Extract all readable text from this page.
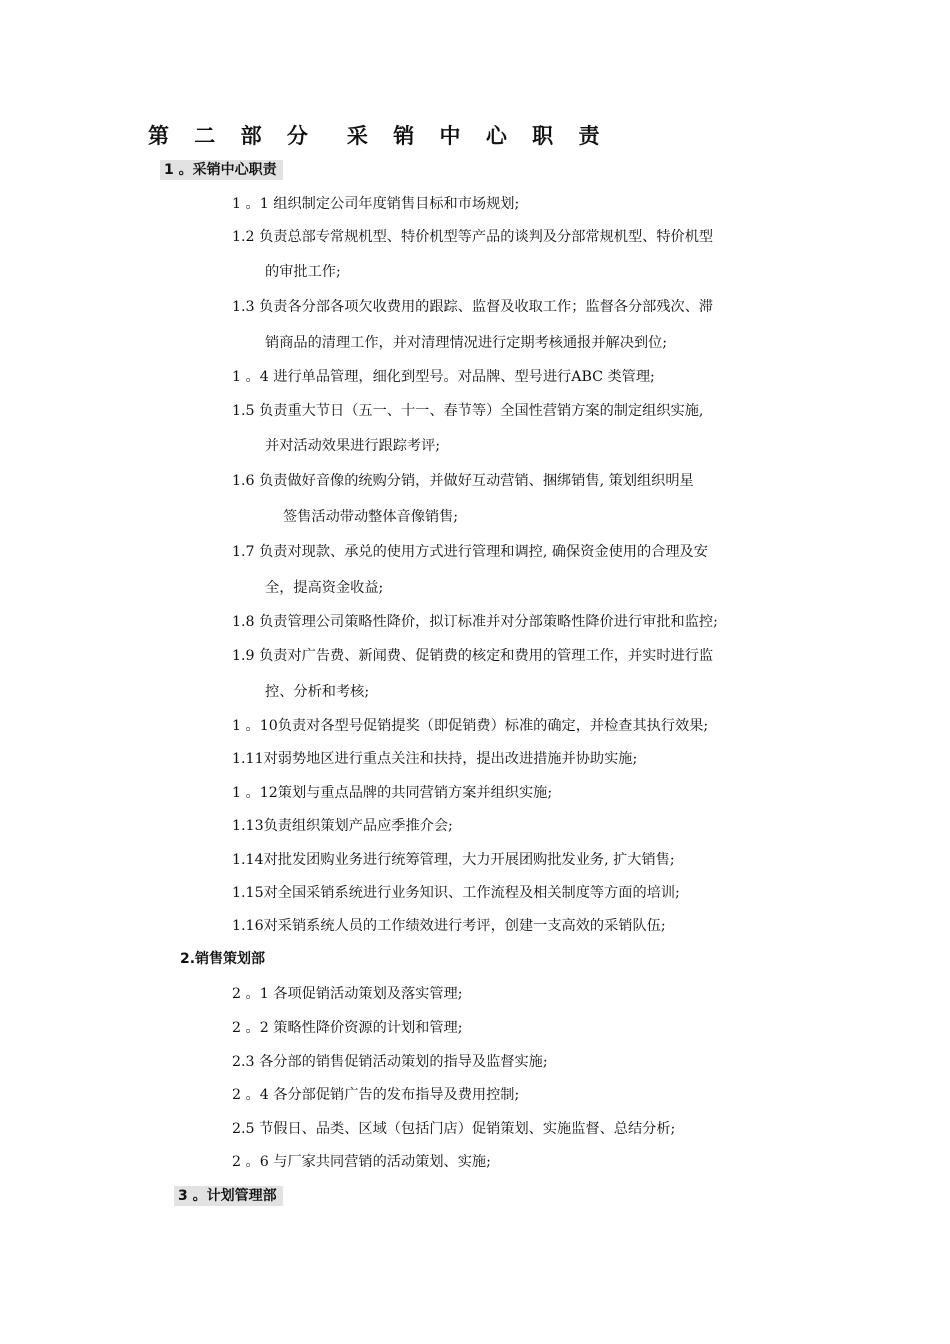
第 二 部 分　采 销 中 心 职 责
1 。采销中心职责
1 。1 组织制定公司年度销售目标和市场规划;
1.2 负责总部专常规机型、特价机型等产品的谈判及分部常规机型、特价机型
的审批工作;
1.3 负责各分部各项欠收费用的跟踪、监督及收取工作；监督各分部残次、滞
销商品的清理工作，并对清理情况进行定期考核通报并解决到位;
1 。4 进行单品管理，细化到型号。对品牌、型号进行ABC 类管理;
1.5 负责重大节日（五一、十一、春节等）全国性营销方案的制定组织实施,
并对活动效果进行跟踪考评;
1.6 负责做好音像的统购分销，并做好互动营销、捆绑销售, 策划组织明星
签售活动带动整体音像销售;
1.7 负责对现款、承兑的使用方式进行管理和调控, 确保资金使用的合理及安
全，提高资金收益;
1.8 负责管理公司策略性降价，拟订标准并对分部策略性降价进行审批和监控;
1.9 负责对广告费、新闻费、促销费的核定和费用的管理工作，并实时进行监
控、分析和考核;
1 。10负责对各型号促销提奖（即促销费）标准的确定，并检查其执行效果;
1.11对弱势地区进行重点关注和扶持，提出改进措施并协助实施;
1 。12策划与重点品牌的共同营销方案并组织实施;
1.13负责组织策划产品应季推介会;
1.14对批发团购业务进行统筹管理，大力开展团购批发业务, 扩大销售;
1.15对全国采销系统进行业务知识、工作流程及相关制度等方面的培训;
1.16对采销系统人员的工作绩效进行考评，创建一支高效的采销队伍;
2.销售策划部
2 。1 各项促销活动策划及落实管理;
2 。2 策略性降价资源的计划和管理;
2.3 各分部的销售促销活动策划的指导及监督实施;
2 。4 各分部促销广告的发布指导及费用控制;
2.5 节假日、品类、区域（包括门店）促销策划、实施监督、总结分析;
2 。6 与厂家共同营销的活动策划、实施;
3 。计划管理部
